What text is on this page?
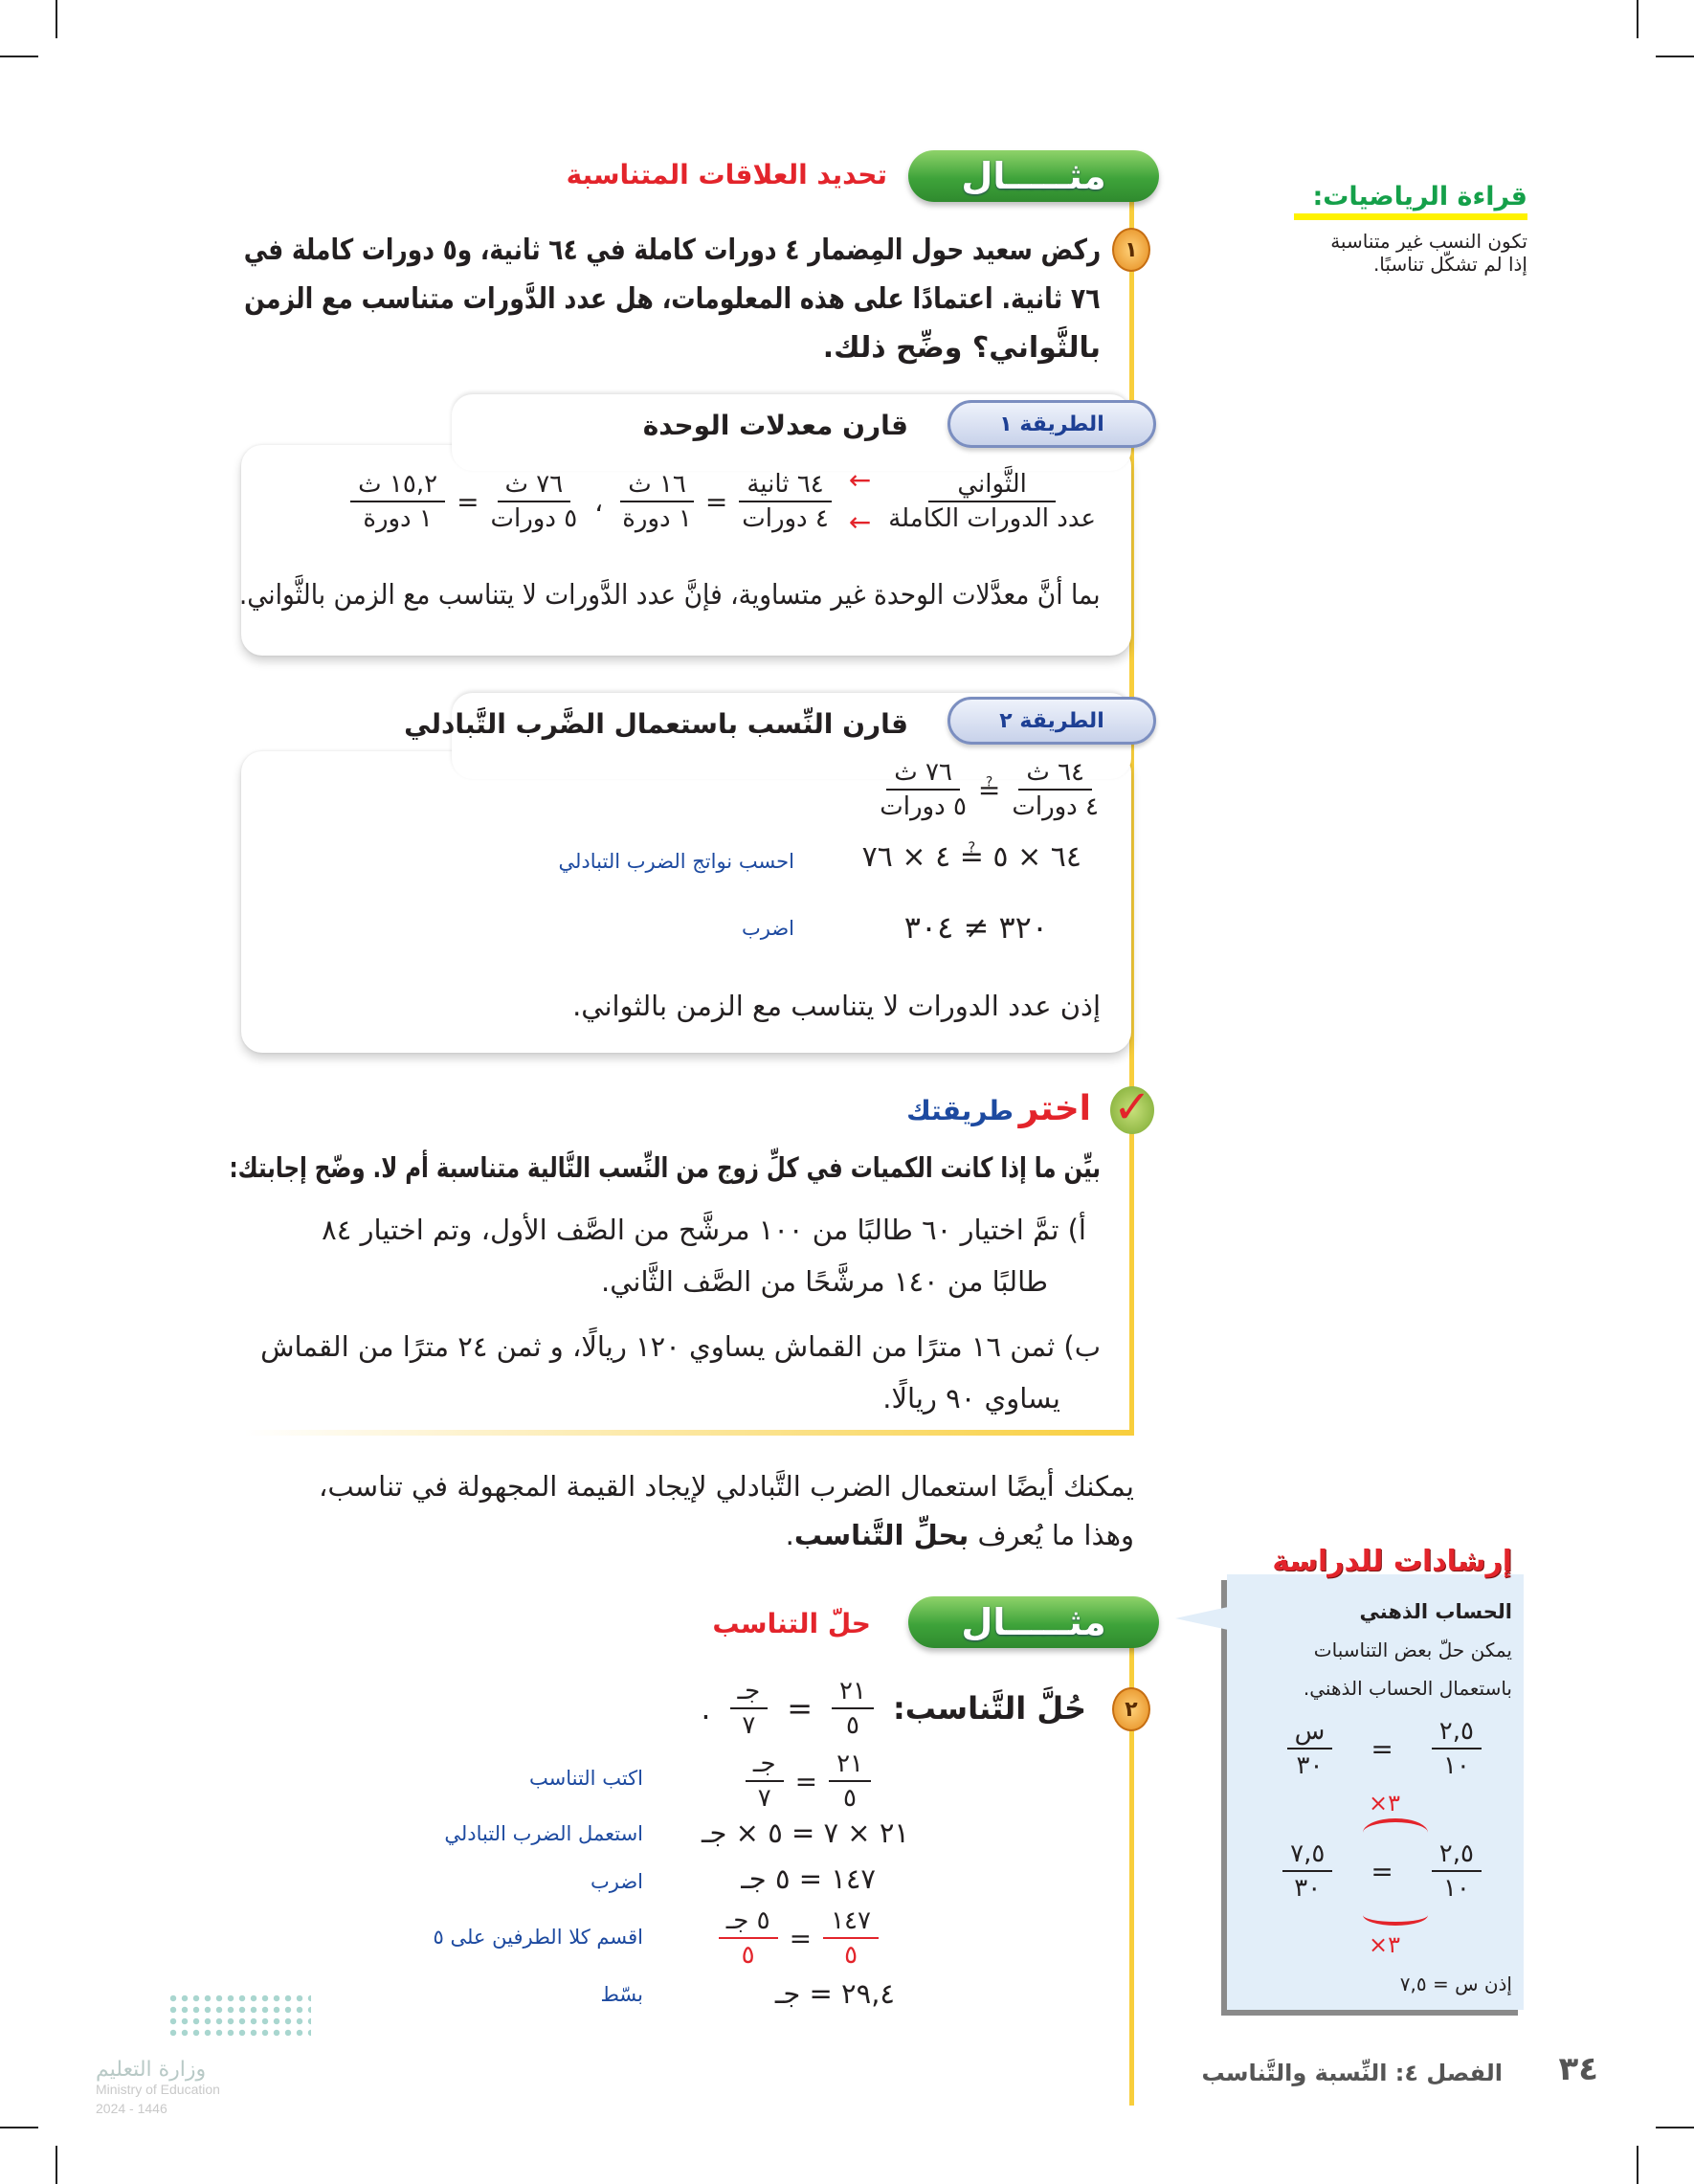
قراءة الرياضيات:
تكون النسب غير متناسبة
إذا لم تشكّل تناسبًا.
مثـــــال
تحديد العلاقات المتناسبة
١
ركض سعيد حول المِضمار ٤ دورات كاملة في ٦٤ ثانية، و٥ دورات كاملة في
٧٦ ثانية. اعتمادًا على هذه المعلومات، هل عدد الدَّورات متناسب مع الزمن
بالثَّواني؟ وضِّح ذلك.
الطريقة ١
قارن معدلات الوحدة
$\frac{\text{الثَّواني}}{\text{عدد الدورات الكاملة}}$
←
←
$\frac{\text{٦٤ ثانية}}{\text{٤ دورات}}$
=
$\frac{\text{١٦ ث}}{\text{١ دورة}}$
،
$\frac{\text{٧٦ ث}}{\text{٥ دورات}}$
=
$\frac{\text{١٥,٢ ث}}{\text{١ دورة}}$
بما أنَّ معدَّلات الوحدة غير متساوية، فإنَّ عدد الدَّورات لا يتناسب مع الزمن بالثَّواني.
الطريقة ٢
قارن النِّسب باستعمال الضَّرب التَّبادلي
$\frac{\text{٦٤ ث}}{\text{٤ دورات}}$
≟
$\frac{\text{٧٦ ث}}{\text{٥ دورات}}$
٦٤ × ٥ ≟ ٤ × ٧٦
احسب نواتج الضرب التبادلي
٣٢٠ ≠ ٣٠٤
اضرب
إذن عدد الدورات لا يتناسب مع الزمن بالثواني.
✓
اختر طريقتك
بيِّن ما إذا كانت الكميات في كلِّ زوج من النِّسب التَّالية متناسبة أم لا. وضّح إجابتك:
أ) تمَّ اختيار ٦٠ طالبًا من ١٠٠ مرشَّح من الصَّف الأول، وتم اختيار ٨٤
طالبًا من ١٤٠ مرشَّحًا من الصَّف الثَّاني.
ب) ثمن ١٦ مترًا من القماش يساوي ١٢٠ ريالًا، و ثمن ٢٤ مترًا من القماش
يساوي ٩٠ ريالًا.
يمكنك أيضًا استعمال الضرب التَّبادلي لإيجاد القيمة المجهولة في تناسب،
وهذا ما يُعرف بحلِّ التَّناسب.
مثـــــال
حلّ التناسب
٢
حُلَّ التَّناسب:
$\frac{٢١}{٥}$
=
$\frac{\text{جـ}}{٧}$
.
$\frac{٢١}{٥}$
=
$\frac{\text{جـ}}{٧}$
اكتب التناسب
٢١ × ٧ = ٥ × جـ
استعمل الضرب التبادلي
١٤٧ = ٥ جـ
اضرب
$\frac{١٤٧}{٥}$
=
$\frac{\text{٥ جـ}}{٥}$
اقسم كلا الطرفين على ٥
٢٩,٤ = جـ
بسّط
إرشادات للدراسة
الحساب الذهني
يمكن حلّ بعض التناسبات
باستعمال الحساب الذهني.
$\frac{٢,٥}{١٠}$
=
$\frac{\text{س}}{٣٠}$
×٣
$\frac{٢,٥}{١٠}$
=
$\frac{٧,٥}{٣٠}$
×٣
إذن س = ٧,٥
٣٤
الفصل ٤: النِّسبة والتَّناسب
وزارة التعليم
Ministry of Education
2024 - 1446
